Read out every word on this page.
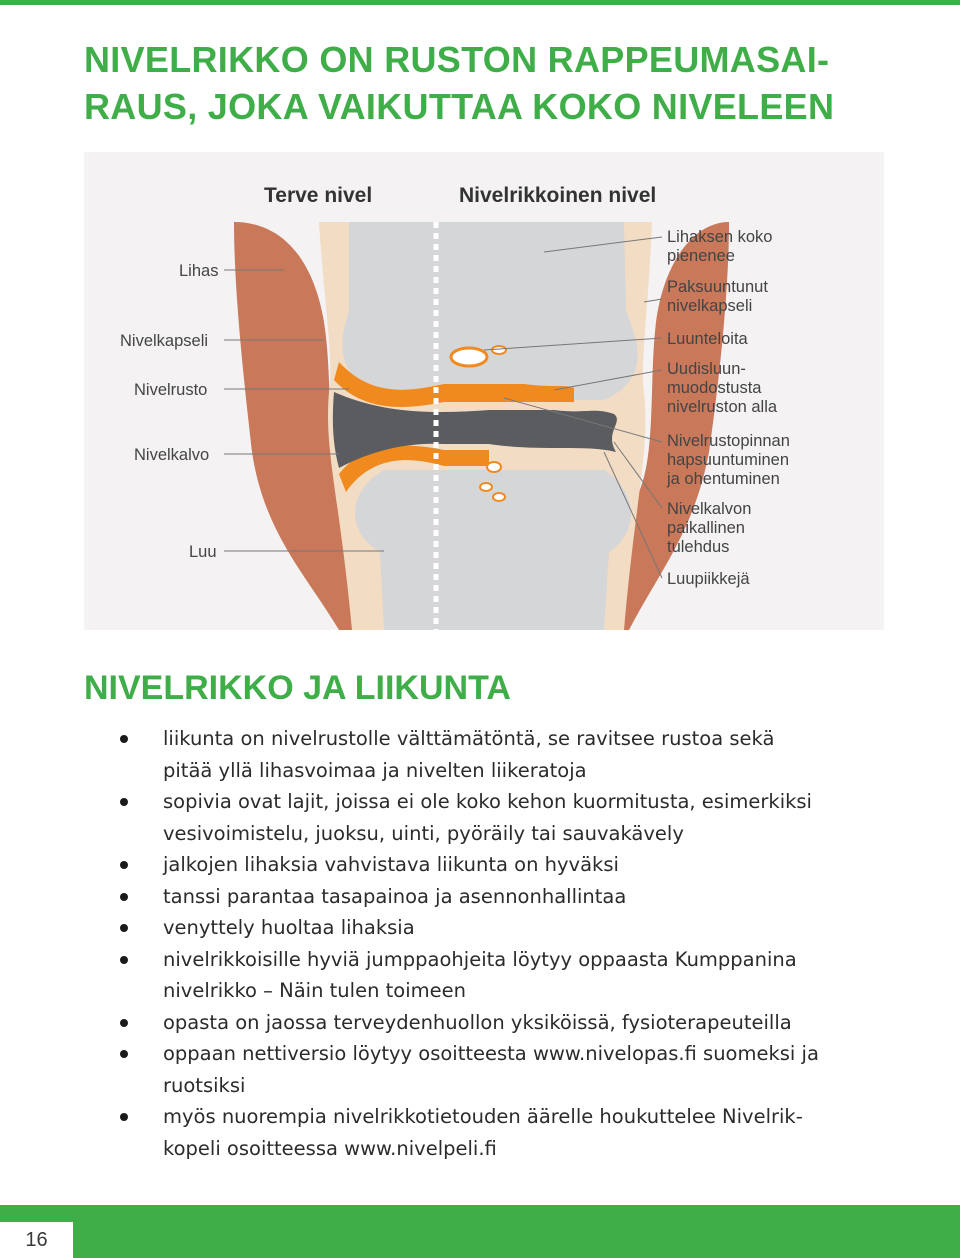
NIVELRIKKO ON RUSTON RAPPEUMASAI-
RAUS, JOKA VAIKUTTAA KOKO NIVELEEN
Terve nivel	Nivelrikkoinen nivel
Lihas
Nivelkapseli
Nivelrusto
Nivelkalvo
Luu
Lihaksen koko pienenee
Paksuuntunut nivelkapseli
Luunteloita
Uudisluun- muodostusta nivelruston alla
Nivelrustopinnan hapsuuntuminen ja ohentuminen
Nivelkalvon paikallinen tulehdus
Luupiikkejä
NIVELRIKKO JA LIIKUNTA
liikunta on nivelrustolle välttämätöntä, se ravitsee rustoa sekä
pitää yllä lihasvoimaa ja nivelten liikeratoja
sopivia ovat lajit, joissa ei ole koko kehon kuormitusta, esimerkiksi
vesivoimistelu, juoksu, uinti, pyöräily tai sauvakävely
jalkojen lihaksia vahvistava liikunta on hyväksi
tanssi parantaa tasapainoa ja asennonhallintaa
venyttely huoltaa lihaksia
nivelrikkoisille hyviä jumppaohjeita löytyy oppaasta Kumppanina
nivelrikko – Näin tulen toimeen
opasta on jaossa terveydenhuollon yksiköissä, fysioterapeuteilla
oppaan nettiversio löytyy osoitteesta www.nivelopas.fi suomeksi ja
ruotsiksi
myös nuorempia nivelrikkotietouden äärelle houkuttelee Nivelrik-
kopeli osoitteessa www.nivelpeli.fi
16
